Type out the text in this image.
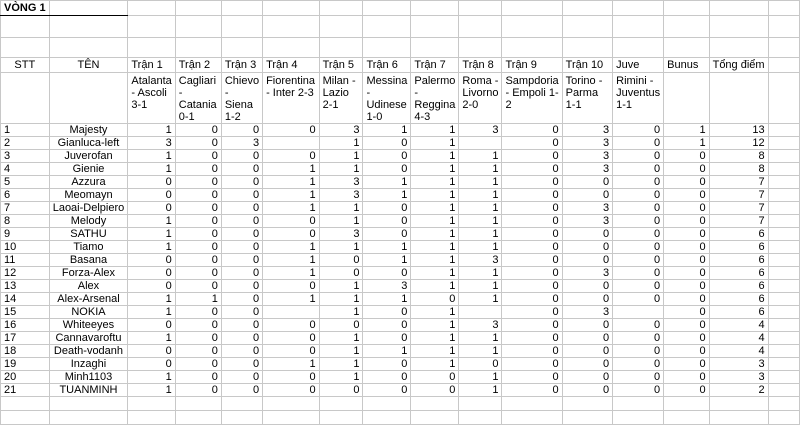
VÒNG 1															

STT	TÊN	Trận 1	Trận 2	Trận 3	Trận 4	Trận 5	Trận 6	Trận 7	Trận 8	Trận 9	Trận 10	Juve	Bunus	Tổng điểm	
		Atalanta - Ascoli 3-1	Cagliari - Catania 0-1	Chievo - Siena 1-2	Fiorentina - Inter 2-3	Milan - Lazio 2-1	Messina - Udinese 1-0	Palermo - Reggina 4-3	Roma - Livorno 2-0	Sampdoria - Empoli 1-2	Torino - Parma 1-1	Rimini - Juventus 1-1			
1	Majesty	1	0	0	0	3	1	1	3	0	3	0	1	13	
2	Gianluca-left	3	0	3		1	0	1		0	3	0	1	12	
3	Juverofan	1	0	0	0	1	0	1	1	0	3	0	0	8	
4	Gienie	1	0	0	1	1	0	1	1	0	3	0	0	8	
5	Azzura	0	0	0	1	3	1	1	1	0	0	0	0	7	
6	Meomayn	0	0	0	1	3	1	1	1	0	0	0	0	7	
7	Laoai-Delpiero	0	0	0	1	1	0	1	1	0	3	0	0	7	
8	Melody	1	0	0	0	1	0	1	1	0	3	0	0	7	
9	SATHU	1	0	0	0	3	0	1	1	0	0	0	0	6	
10	Tiamo	1	0	0	1	1	1	1	1	0	0	0	0	6	
11	Basana	0	0	0	1	0	1	1	3	0	0	0	0	6	
12	Forza-Alex	0	0	0	1	0	0	1	1	0	3	0	0	6	
13	Alex	0	0	0	0	1	3	1	1	0	0	0	0	6	
14	Alex-Arsenal	1	1	0	1	1	1	0	1	0	0	0	0	6	
15	NOKIA	1	0	0		1	0	1		0	3		0	6	
16	Whiteeyes	0	0	0	0	0	0	1	3	0	0	0	0	4	
17	Cannavaroftu	1	0	0	0	1	0	1	1	0	0	0	0	4	
18	Death-vodanh	0	0	0	0	1	1	1	1	0	0	0	0	4	
19	Inzaghi	0	0	0	1	1	0	1	0	0	0	0	0	3	
20	Minh1103	1	0	0	0	1	0	0	1	0	0	0	0	3	
21	TUANMINH	1	0	0	0	0	0	0	1	0	0	0	0	2	
